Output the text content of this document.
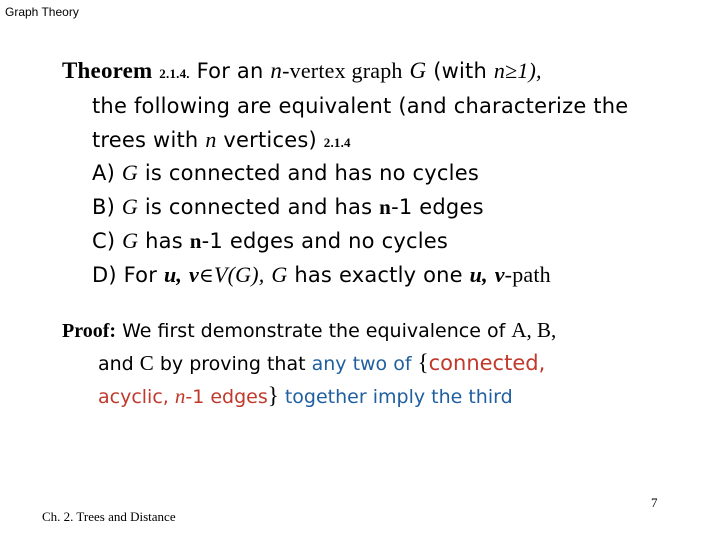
Graph Theory
Theorem 2.1.4. For an n-vertex graph G (with n≥1),
the following are equivalent (and characterize the
trees with n vertices) 2.1.4
A) G is connected and has no cycles
B) G is connected and has n-1 edges
C) G has n-1 edges and no cycles
D) For u, v∈V(G), G has exactly one u, v-path
Proof: We first demonstrate the equivalence of A, B,
and C by proving that any two of {connected,
acyclic, n-1 edges} together imply the third
Ch. 2. Trees and Distance
7
